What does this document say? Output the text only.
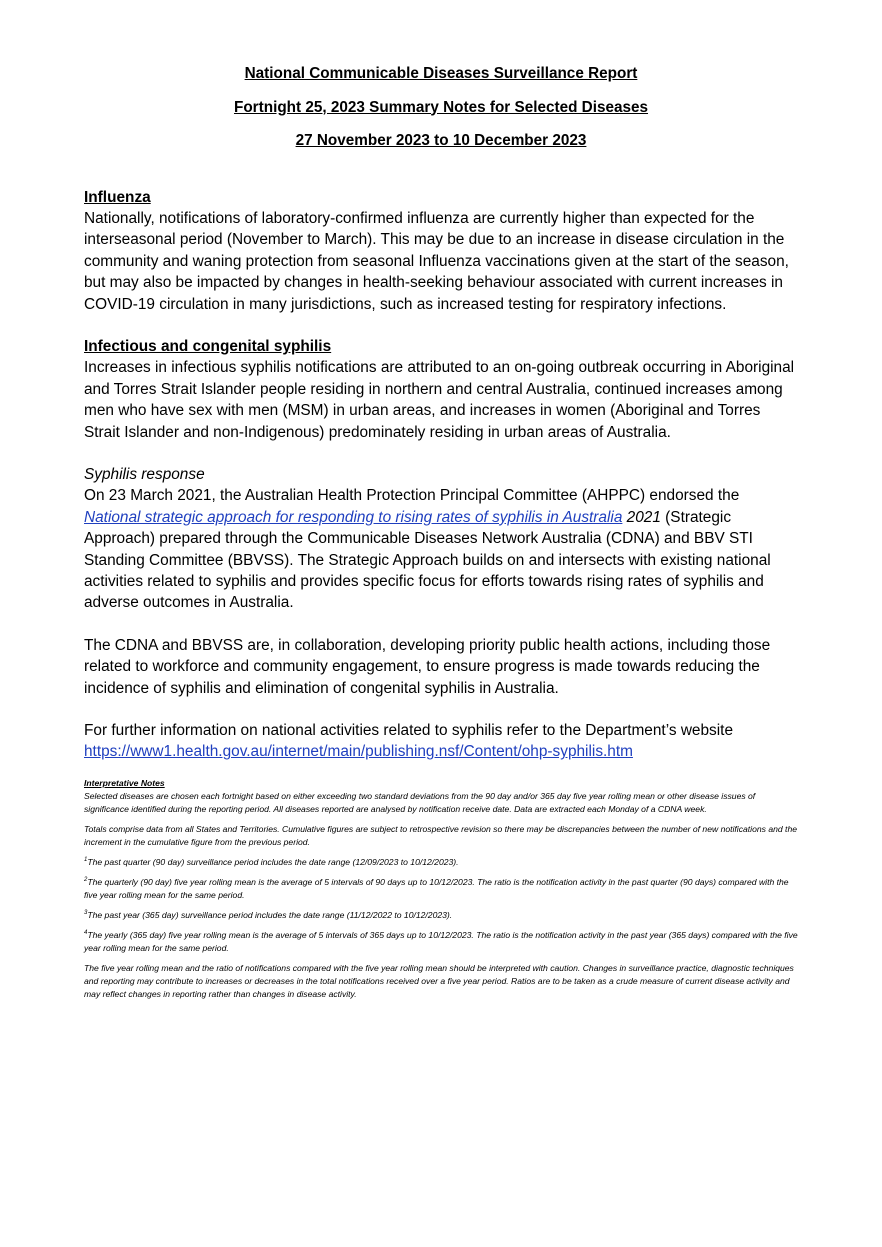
National Communicable Diseases Surveillance Report
Fortnight 25, 2023 Summary Notes for Selected Diseases
27 November 2023 to 10 December 2023
Influenza
Nationally, notifications of laboratory-confirmed influenza are currently higher than expected for the interseasonal period (November to March). This may be due to an increase in disease circulation in the community and waning protection from seasonal Influenza vaccinations given at the start of the season, but may also be impacted by changes in health-seeking behaviour associated with current increases in COVID-19 circulation in many jurisdictions, such as increased testing for respiratory infections.
Infectious and congenital syphilis
Increases in infectious syphilis notifications are attributed to an on-going outbreak occurring in Aboriginal and Torres Strait Islander people residing in northern and central Australia, continued increases among men who have sex with men (MSM) in urban areas, and increases in women (Aboriginal and Torres Strait Islander and non-Indigenous) predominately residing in urban areas of Australia.
Syphilis response
On 23 March 2021, the Australian Health Protection Principal Committee (AHPPC) endorsed the National strategic approach for responding to rising rates of syphilis in Australia 2021 (Strategic Approach) prepared through the Communicable Diseases Network Australia (CDNA) and BBV STI Standing Committee (BBVSS). The Strategic Approach builds on and intersects with existing national activities related to syphilis and provides specific focus for efforts towards rising rates of syphilis and adverse outcomes in Australia.
The CDNA and BBVSS are, in collaboration, developing priority public health actions, including those related to workforce and community engagement, to ensure progress is made towards reducing the incidence of syphilis and elimination of congenital syphilis in Australia.
For further information on national activities related to syphilis refer to the Department’s website
https://www1.health.gov.au/internet/main/publishing.nsf/Content/ohp-syphilis.htm

Interpretative Notes

Selected diseases are chosen each fortnight based on either exceeding two standard deviations from the 90 day and/or 365 day five year rolling mean or other disease issues of significance identified during the reporting period. All diseases reported are analysed by notification receive date. Data are extracted each Monday of a CDNA week.

Totals comprise data from all States and Territories. Cumulative figures are subject to retrospective revision so there may be discrepancies between the number of new notifications and the increment in the cumulative figure from the previous period.

$^1$The past quarter (90 day) surveillance period includes the date range (12/09/2023 to 10/12/2023).

$^2$The quarterly (90 day) five year rolling mean is the average of 5 intervals of 90 days up to 10/12/2023. The ratio is the notification activity in the past quarter (90 days) compared with the five year rolling mean for the same period.

$^3$The past year (365 day) surveillance period includes the date range (11/12/2022 to 10/12/2023).

$^4$The yearly (365 day) five year rolling mean is the average of 5 intervals of 365 days up to 10/12/2023. The ratio is the notification activity in the past year (365 days) compared with the five year rolling mean for the same period.

The five year rolling mean and the ratio of notifications compared with the five year rolling mean should be interpreted with caution. Changes in surveillance practice, diagnostic techniques and reporting may contribute to increases or decreases in the total notifications received over a five year period. Ratios are to be taken as a crude measure of current disease activity and may reflect changes in reporting rather than changes in disease activity.
